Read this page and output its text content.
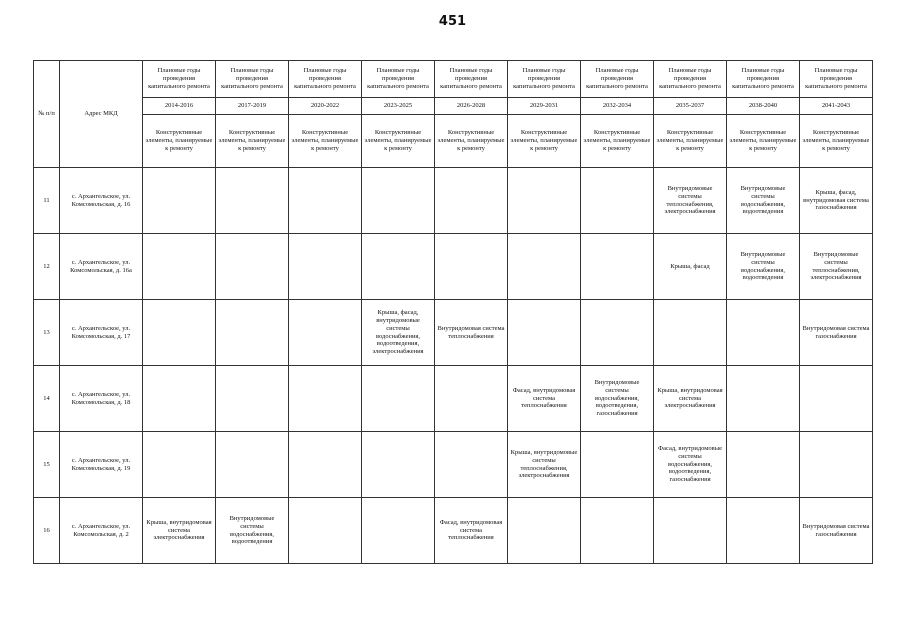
451
№ п/п	Адрес МКД	Плановые годы проведения капитального ремонта	Плановые годы проведения капитального ремонта	Плановые годы проведения капитального ремонта	Плановые годы проведения капитального ремонта	Плановые годы проведения капитального ремонта	Плановые годы проведения капитального ремонта	Плановые годы проведения капитального ремонта	Плановые годы проведения капитального ремонта	Плановые годы проведения капитального ремонта	Плановые годы проведения капитального ремонта
		2014-2016	2017-2019	2020-2022	2023-2025	2026-2028	2029-2031	2032-2034	2035-2037	2038-2040	2041-2043
		Конструктивные элементы, планируемые к ремонту	Конструктивные элементы, планируемые к ремонту	Конструктивные элементы, планируемые к ремонту	Конструктивные элементы, планируемые к ремонту	Конструктивные элементы, планируемые к ремонту	Конструктивные элементы, планируемые к ремонту	Конструктивные элементы, планируемые к ремонту	Конструктивные элементы, планируемые к ремонту	Конструктивные элементы, планируемые к ремонту	Конструктивные элементы, планируемые к ремонту
11	с. Архангельское, ул. Комсомольская, д. 16								Внутридомовые системы теплоснабжения, электроснабжения	Внутридомовые системы водоснабжения, водоотведения	Крыша, фасад, внутридомовая система газоснабжения
12	с. Архангельское, ул. Комсомольская, д. 16а								Крыша, фасад	Внутридомовые системы водоснабжения, водоотведения	Внутридомовые системы теплоснабжения, электроснабжения
13	с. Архангельское, ул. Комсомольская, д. 17				Крыша, фасад, внутридомовые системы водоснабжения, водоотведения, электроснабжения	Внутридомовая система теплоснабжения					Внутридомовая система газоснабжения
14	с. Архангельское, ул. Комсомольская, д. 18						Фасад, внутридомовая система теплоснабжения	Внутридомовые системы водоснабжения, водоотведения, газоснабжения	Крыша, внутридомовая система электроснабжения		
15	с. Архангельское, ул. Комсомольская, д. 19						Крыша, внутридомовые системы теплоснабжения, электроснабжения		Фасад, внутридомовые системы водоснабжения, водоотведения, газоснабжения		
16	с. Архангельское, ул. Комсомольская, д. 2	Крыша, внутридомовая система электроснабжения	Внутридомовые системы водоснабжения, водоотведения			Фасад, внутридомовая система теплоснабжения					Внутридомовая система газоснабжения
